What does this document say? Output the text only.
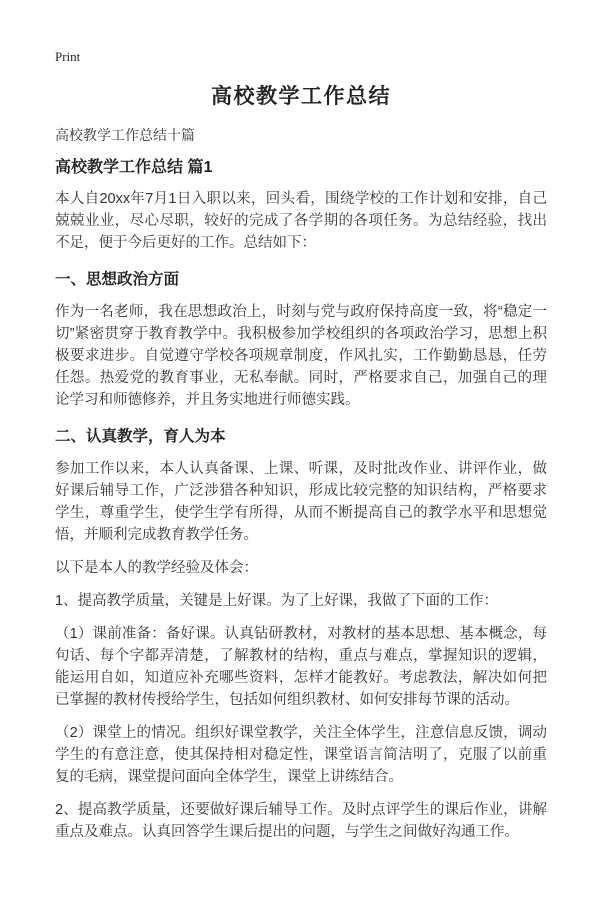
Print
高校教学工作总结
高校教学工作总结十篇
高校教学工作总结 篇1

本人自20xx年7月1日入职以来，回头看，围绕学校的工作计划和安排，自己兢兢业业，尽心尽职，较好的完成了各学期的各项任务。为总结经验，找出不足，便于今后更好的工作。总结如下：

一、思想政治方面

作为一名老师，我在思想政治上，时刻与党与政府保持高度一致，将“稳定一切”紧密贯穿于教育教学中。我积极参加学校组织的各项政治学习，思想上积极要求进步。自觉遵守学校各项规章制度，作风扎实，工作勤勤恳恳，任劳任怨。热爱党的教育事业，无私奉献。同时，严格要求自己，加强自己的理论学习和师德修养，并且务实地进行师德实践。

二、认真教学，育人为本

参加工作以来，本人认真备课、上课、听课，及时批改作业、讲评作业，做好课后辅导工作，广泛涉猎各种知识，形成比较完整的知识结构，严格要求学生，尊重学生，使学生学有所得，从而不断提高自己的教学水平和思想觉悟，并顺利完成教育教学任务。

以下是本人的教学经验及体会：

1、提高教学质量，关键是上好课。为了上好课，我做了下面的工作：

（1）课前准备：备好课。认真钻研教材，对教材的基本思想、基本概念，每句话、每个字都弄清楚，了解教材的结构，重点与难点，掌握知识的逻辑，能运用自如，知道应补充哪些资料，怎样才能教好。考虑教法，解决如何把已掌握的教材传授给学生，包括如何组织教材、如何安排每节课的活动。

（2）课堂上的情况。组织好课堂教学，关注全体学生，注意信息反馈，调动学生的有意注意，使其保持相对稳定性，课堂语言简洁明了，克服了以前重复的毛病，课堂提问面向全体学生，课堂上讲练结合。

2、提高教学质量，还要做好课后辅导工作。及时点评学生的课后作业，讲解重点及难点。认真回答学生课后提出的问题，与学生之间做好沟通工作。
